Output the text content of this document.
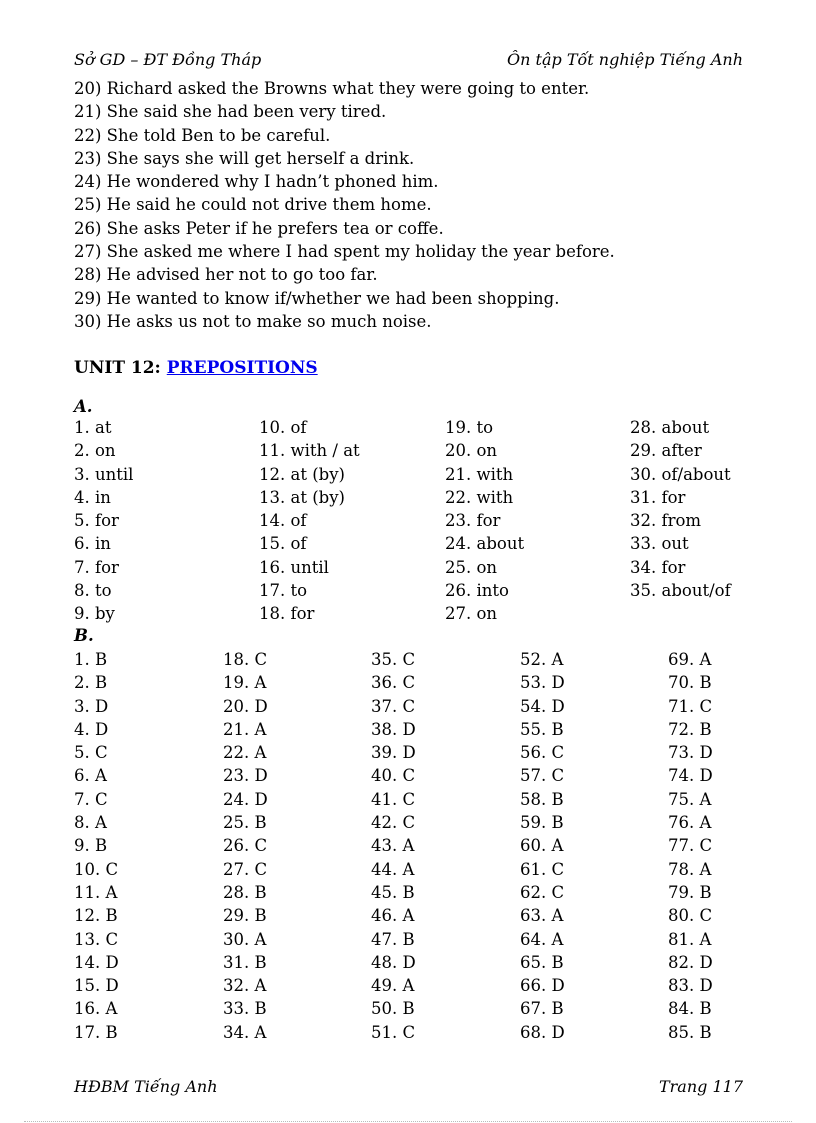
Sở GD – ĐT Đồng Tháp	Ôn tập Tốt nghiệp Tiếng Anh
20) Richard asked the Browns what they were going to enter.
21) She said she had been very tired.
22) She told Ben to be careful.
23) She says she will get herself a drink.
24) He wondered why I hadn’t phoned him.
25) He said he could not drive them home.
26) She asks Peter if he prefers tea or coffe.
27) She asked me where I had spent my holiday the year before.
28) He advised her not to go too far.
29) He wanted to know if/whether we had been shopping.
30) He asks us not to make so much noise.
UNIT 12: PREPOSITIONS
A.
1. at
2. on
3. until
4. in
5. for
6. in
7. for
8. to
9. by
10. of
11. with / at
12. at (by)
13. at (by)
14. of
15. of
16. until
17. to
18. for
19. to
20. on
21. with
22. with
23. for
24. about
25. on
26. into
27. on
28. about
29. after
30. of/about
31. for
32. from
33. out
34. for
35. about/of
B.
1. B
2. B
3. D
4. D
5. C
6. A
7. C
8. A
9. B
10. C
11. A
12. B
13. C
14. D
15. D
16. A
17. B
18. C
19. A
20. D
21. A
22. A
23. D
24. D
25. B
26. C
27. C
28. B
29. B
30. A
31. B
32. A
33. B
34. A
35. C
36. C
37. C
38. D
39. D
40. C
41. C
42. C
43. A
44. A
45. B
46. A
47. B
48. D
49. A
50. B
51. C
52. A
53. D
54. D
55. B
56. C
57. C
58. B
59. B
60. A
61. C
62. C
63. A
64. A
65. B
66. D
67. B
68. D
69. A
70. B
71. C
72. B
73. D
74. D
75. A
76. A
77. C
78. A
79. B
80. C
81. A
82. D
83. D
84. B
85. B
HĐBM Tiếng Anh	Trang 117
